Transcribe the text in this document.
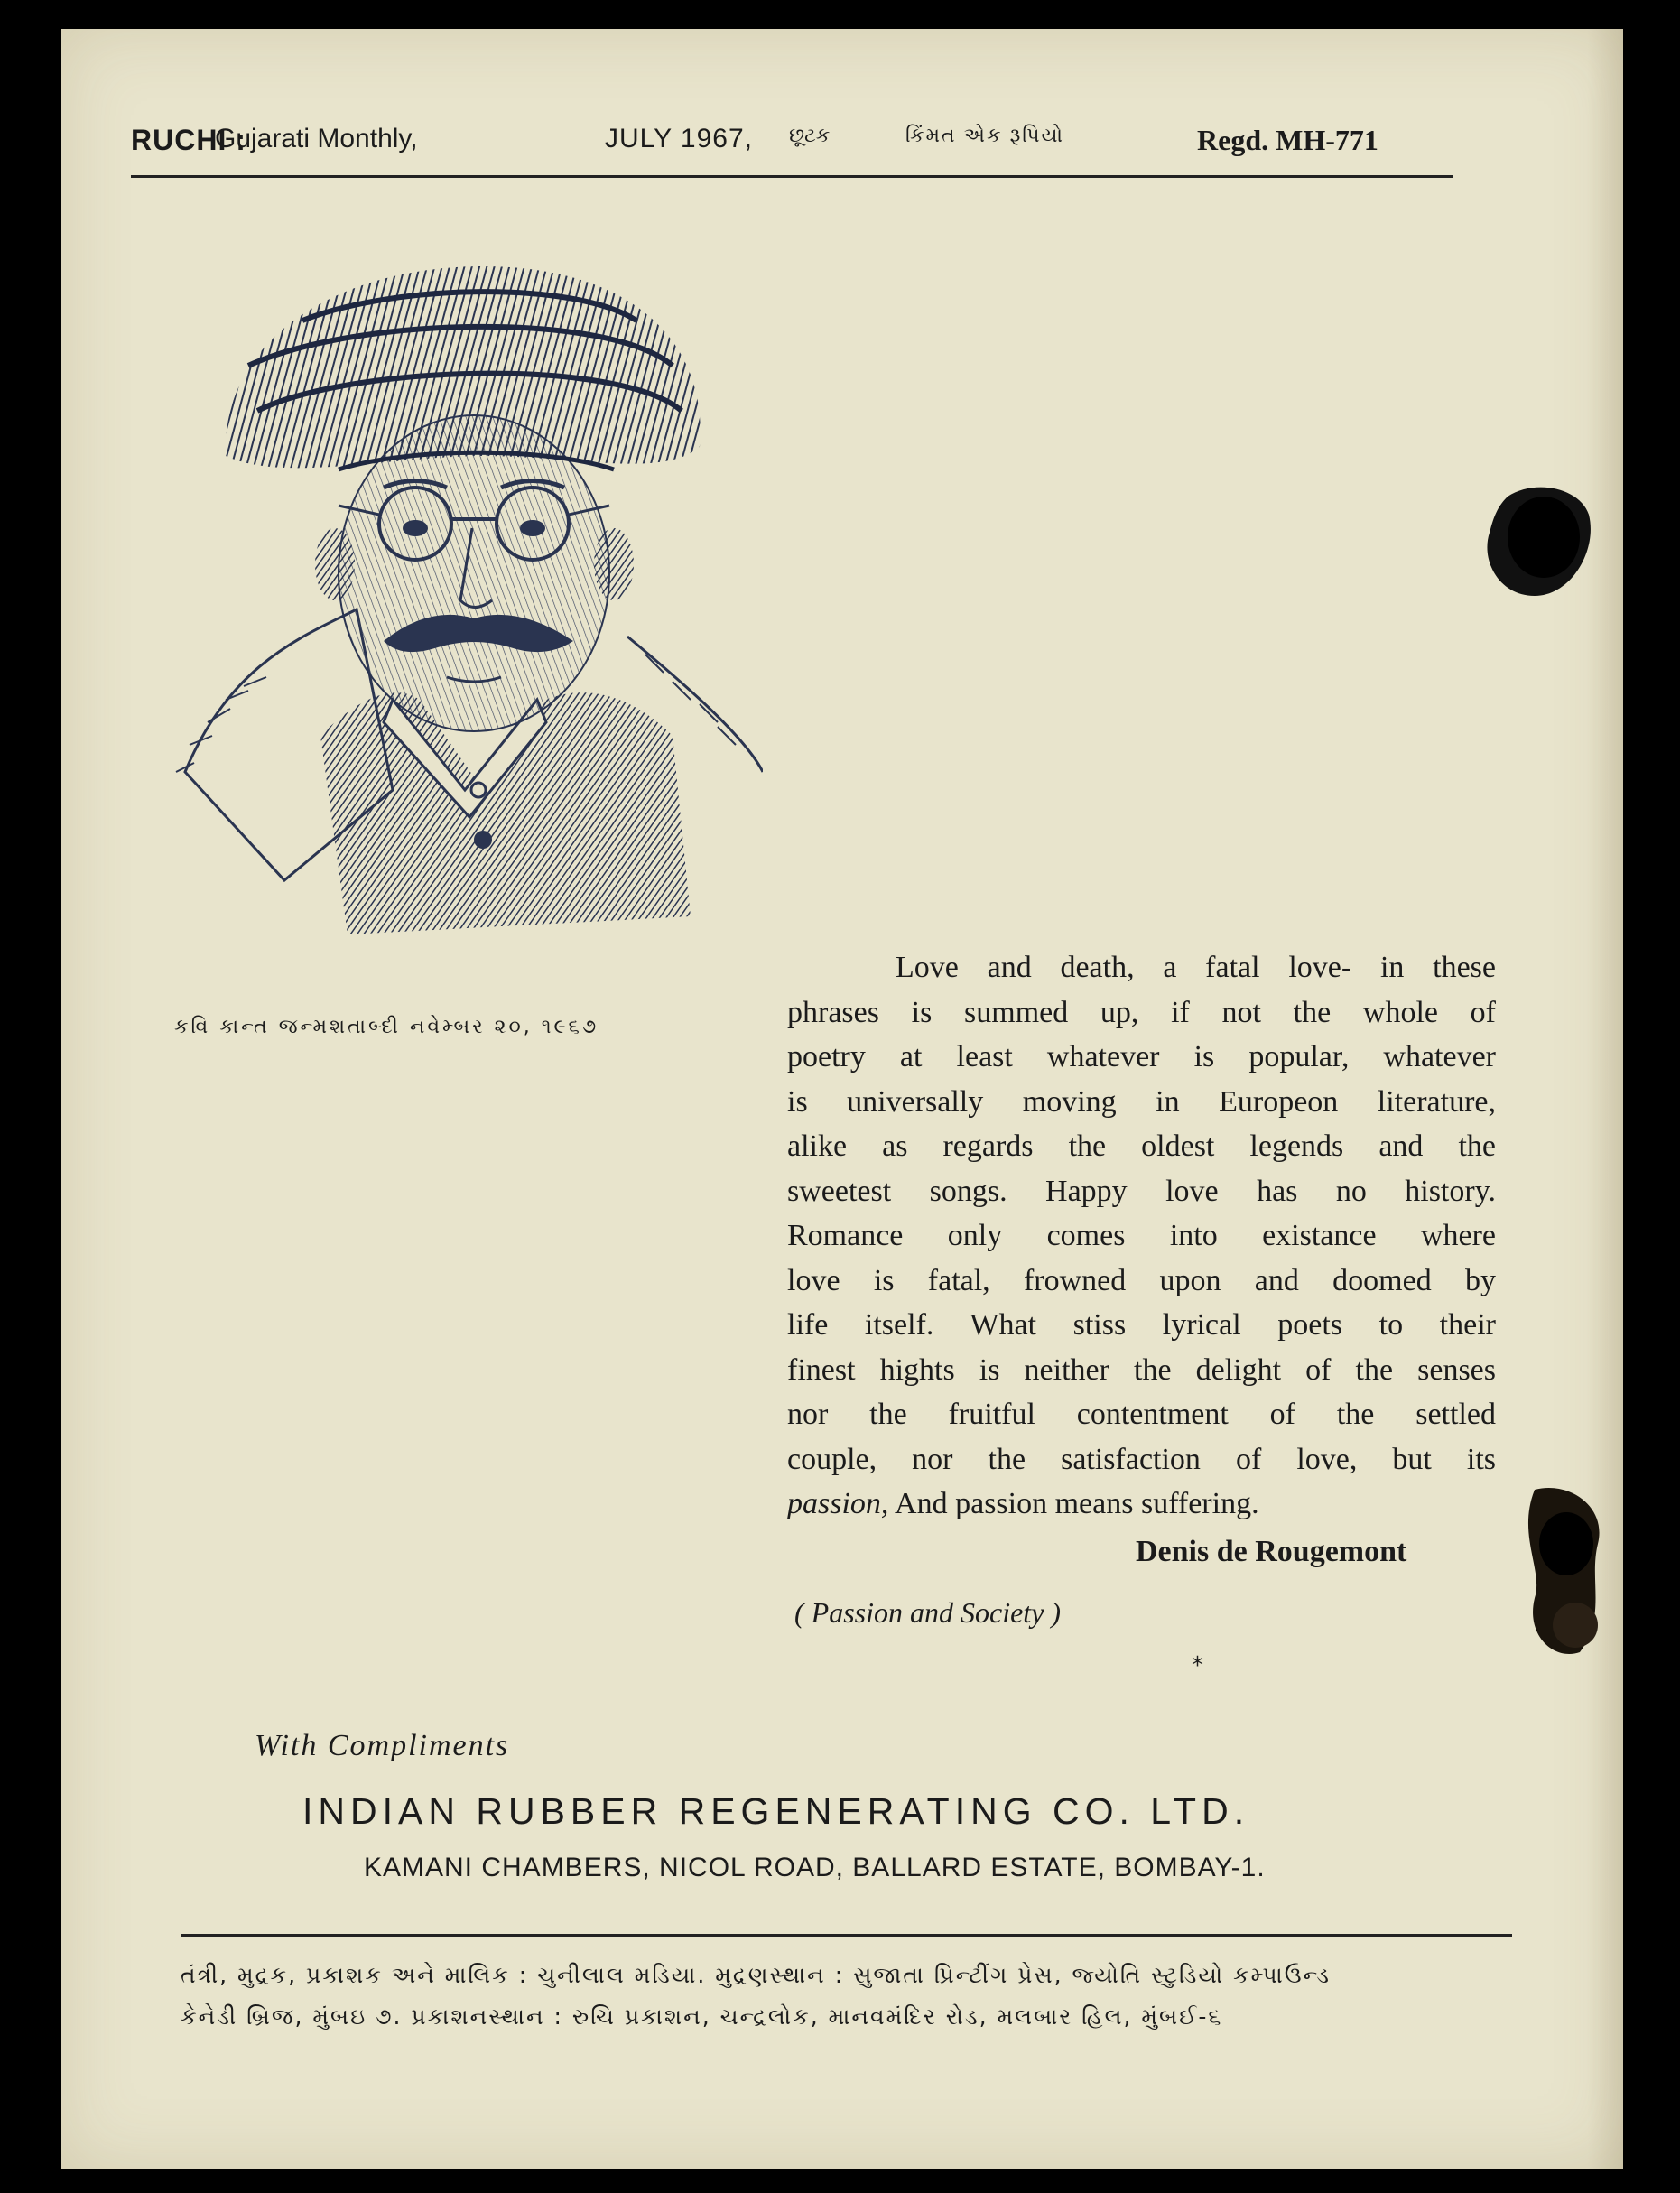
RUCHI :
Gujarati Monthly,	JULY 1967, છૂટક	કિંમત એક રૂપિયો	Regd. MH-771
કવિ કાન્ત જન્મશતાબ્દી નવેમ્બર ૨૦, ૧૯૬૭
Love and death, a fatal love- in these
phrases is summed up, if not the whole of
poetry at least whatever is popular, whatever
is universally moving in Europeon literature,
alike as regards the oldest legends and the
sweetest songs. Happy love has no history.
Romance only comes into existance where
love is fatal, frowned upon and doomed by
life itself. What stiss lyrical poets to their
finest hights is neither the delight of the senses
nor the fruitful contentment of the settled
couple, nor the satisfaction of love, but its
passion, And passion means suffering.
Denis de Rougemont
( Passion and Society )
*
With Compliments
INDIAN RUBBER REGENERATING CO. LTD.
KAMANI CHAMBERS, NICOL ROAD, BALLARD ESTATE, BOMBAY-1.
તંત્રી, મુદ્રક, પ્રકાશક અને માલિક : ચુનીલાલ મડિયા. મુદ્રણસ્થાન : સુજાતા પ્રિન્ટીંગ પ્રેસ, જ્યોતિ સ્ટુડિયો કમ્પાઉન્ડ
કેનેડી બ્રિજ, મુંબઇ ૭. પ્રકાશનસ્થાન : રુચિ પ્રકાશન, ચન્દ્રલોક, માનવમંદિર રોડ, મલબાર હિલ, મુંબઈ-૬
